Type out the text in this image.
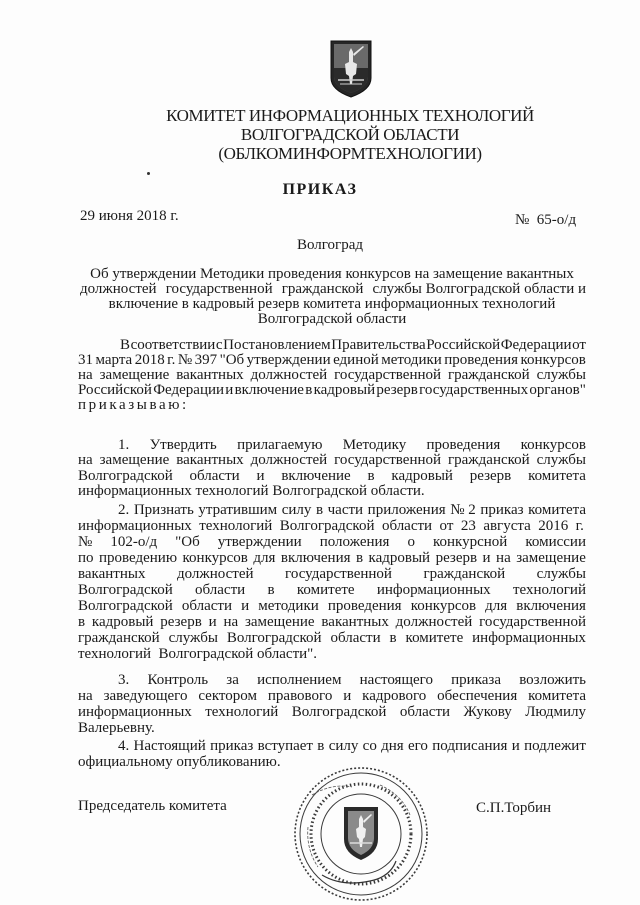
КОМИТЕТ ИНФОРМАЦИОННЫХ ТЕХНОЛОГИЙ

ВОЛГОГРАДСКОЙ ОБЛАСТИ

(ОБЛКОМИНФОРМТЕХНОЛОГИИ)

ПРИКАЗ
29 июня 2018 г.	№  65-о/д
Волгоград
Об утверждении Методики проведения конкурсов на замещение вакантных
должностей государственной гражданской службы Волгоградской области и
включение в кадровый резерв комитета информационных технологий
Волгоградской области
В соответствии с Постановлением Правительства Российской Федерации от
31 марта 2018 г. № 397 "Об утверждении единой методики проведения конкурсов
на замещение вакантных должностей государственной гражданской службы
Российской Федерации и включение в кадровый резерв государственных органов"
приказываю:
1. Утвердить прилагаемую Методику проведения конкурсов
на замещение вакантных должностей государственной гражданской службы
Волгоградской области и включение в кадровый резерв комитета
информационных технологий Волгоградской области.
2. Признать утратившим силу в части приложения № 2 приказ комитета
информационных технологий Волгоградской области от 23 августа 2016 г.
№ 102-о/д "Об утверждении положения о конкурсной комиссии
по проведению конкурсов для включения в кадровый резерв и на замещение
вакантных должностей государственной гражданской службы
Волгоградской области в комитете информационных технологий
Волгоградской области и методики проведения конкурсов для включения
в кадровый резерв и на замещение вакантных должностей государственной
гражданской службы Волгоградской области в комитете информационных
технологий  Волгоградской области".
3. Контроль за исполнением настоящего приказа возложить
на заведующего сектором правового и кадрового обеспечения комитета
информационных технологий Волгоградской области Жукову Людмилу
Валерьевну.
4. Настоящий приказ вступает в силу со дня его подписания и подлежит
официальному опубликованию.
Председатель комитета	С.П.Торбин
